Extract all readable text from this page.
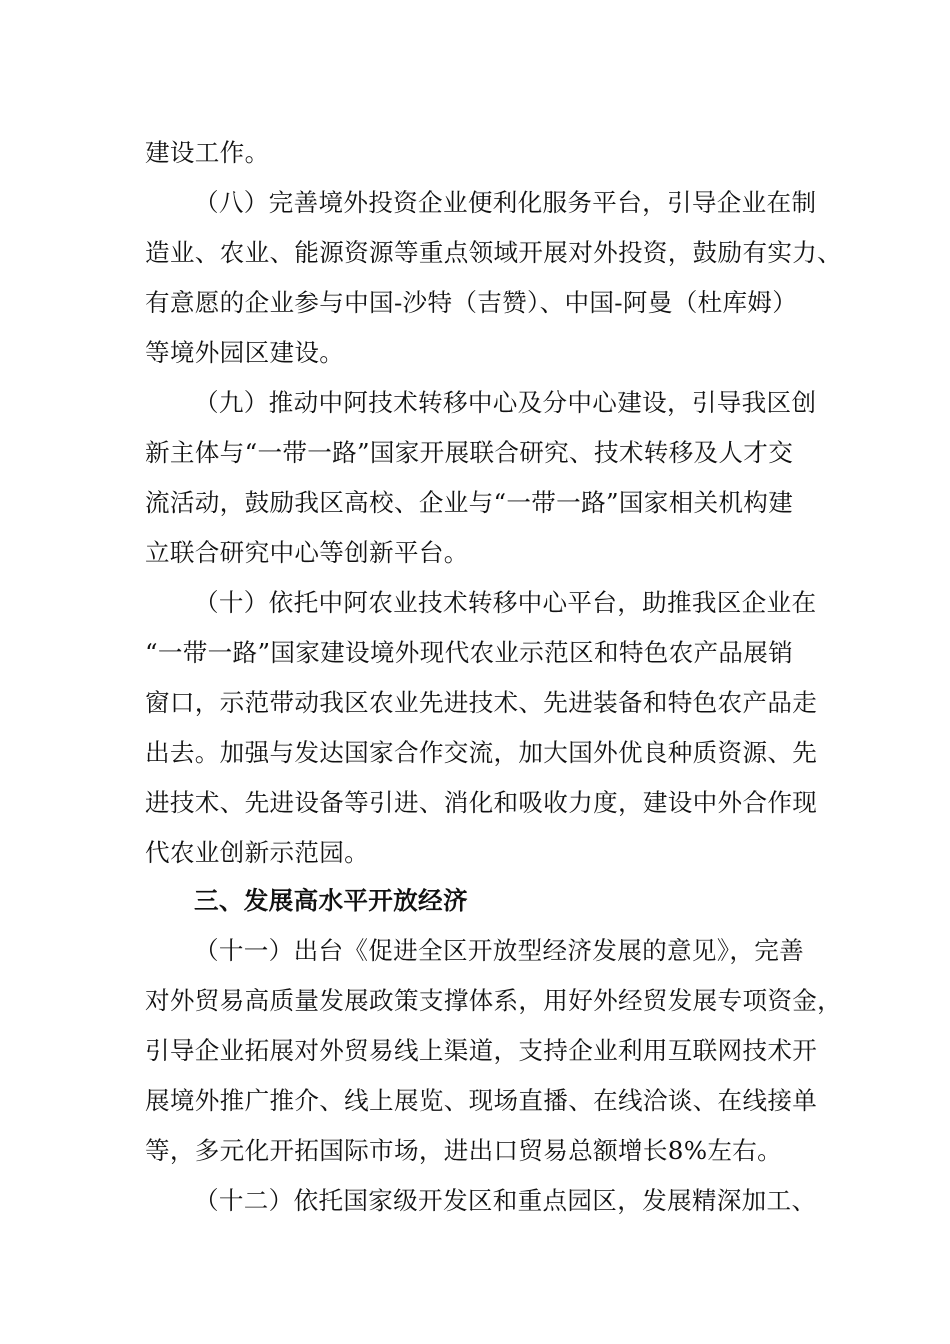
建设工作。
（八）完善境外投资企业便利化服务平台，引导企业在制
造业、农业、能源资源等重点领域开展对外投资，鼓励有实力、
有意愿的企业参与中国-沙特（吉赞）、中国-阿曼（杜库姆）
等境外园区建设。
（九）推动中阿技术转移中心及分中心建设，引导我区创
新主体与“一带一路”国家开展联合研究、技术转移及人才交
流活动，鼓励我区高校、企业与“一带一路”国家相关机构建
立联合研究中心等创新平台。
（十）依托中阿农业技术转移中心平台，助推我区企业在
“一带一路”国家建设境外现代农业示范区和特色农产品展销
窗口，示范带动我区农业先进技术、先进装备和特色农产品走
出去。加强与发达国家合作交流，加大国外优良种质资源、先
进技术、先进设备等引进、消化和吸收力度，建设中外合作现
代农业创新示范园。
三、发展高水平开放经济
（十一）出台《促进全区开放型经济发展的意见》，完善
对外贸易高质量发展政策支撑体系，用好外经贸发展专项资金，
引导企业拓展对外贸易线上渠道，支持企业利用互联网技术开
展境外推广推介、线上展览、现场直播、在线洽谈、在线接单
等，多元化开拓国际市场，进出口贸易总额增长8%左右。
（十二）依托国家级开发区和重点园区，发展精深加工、
